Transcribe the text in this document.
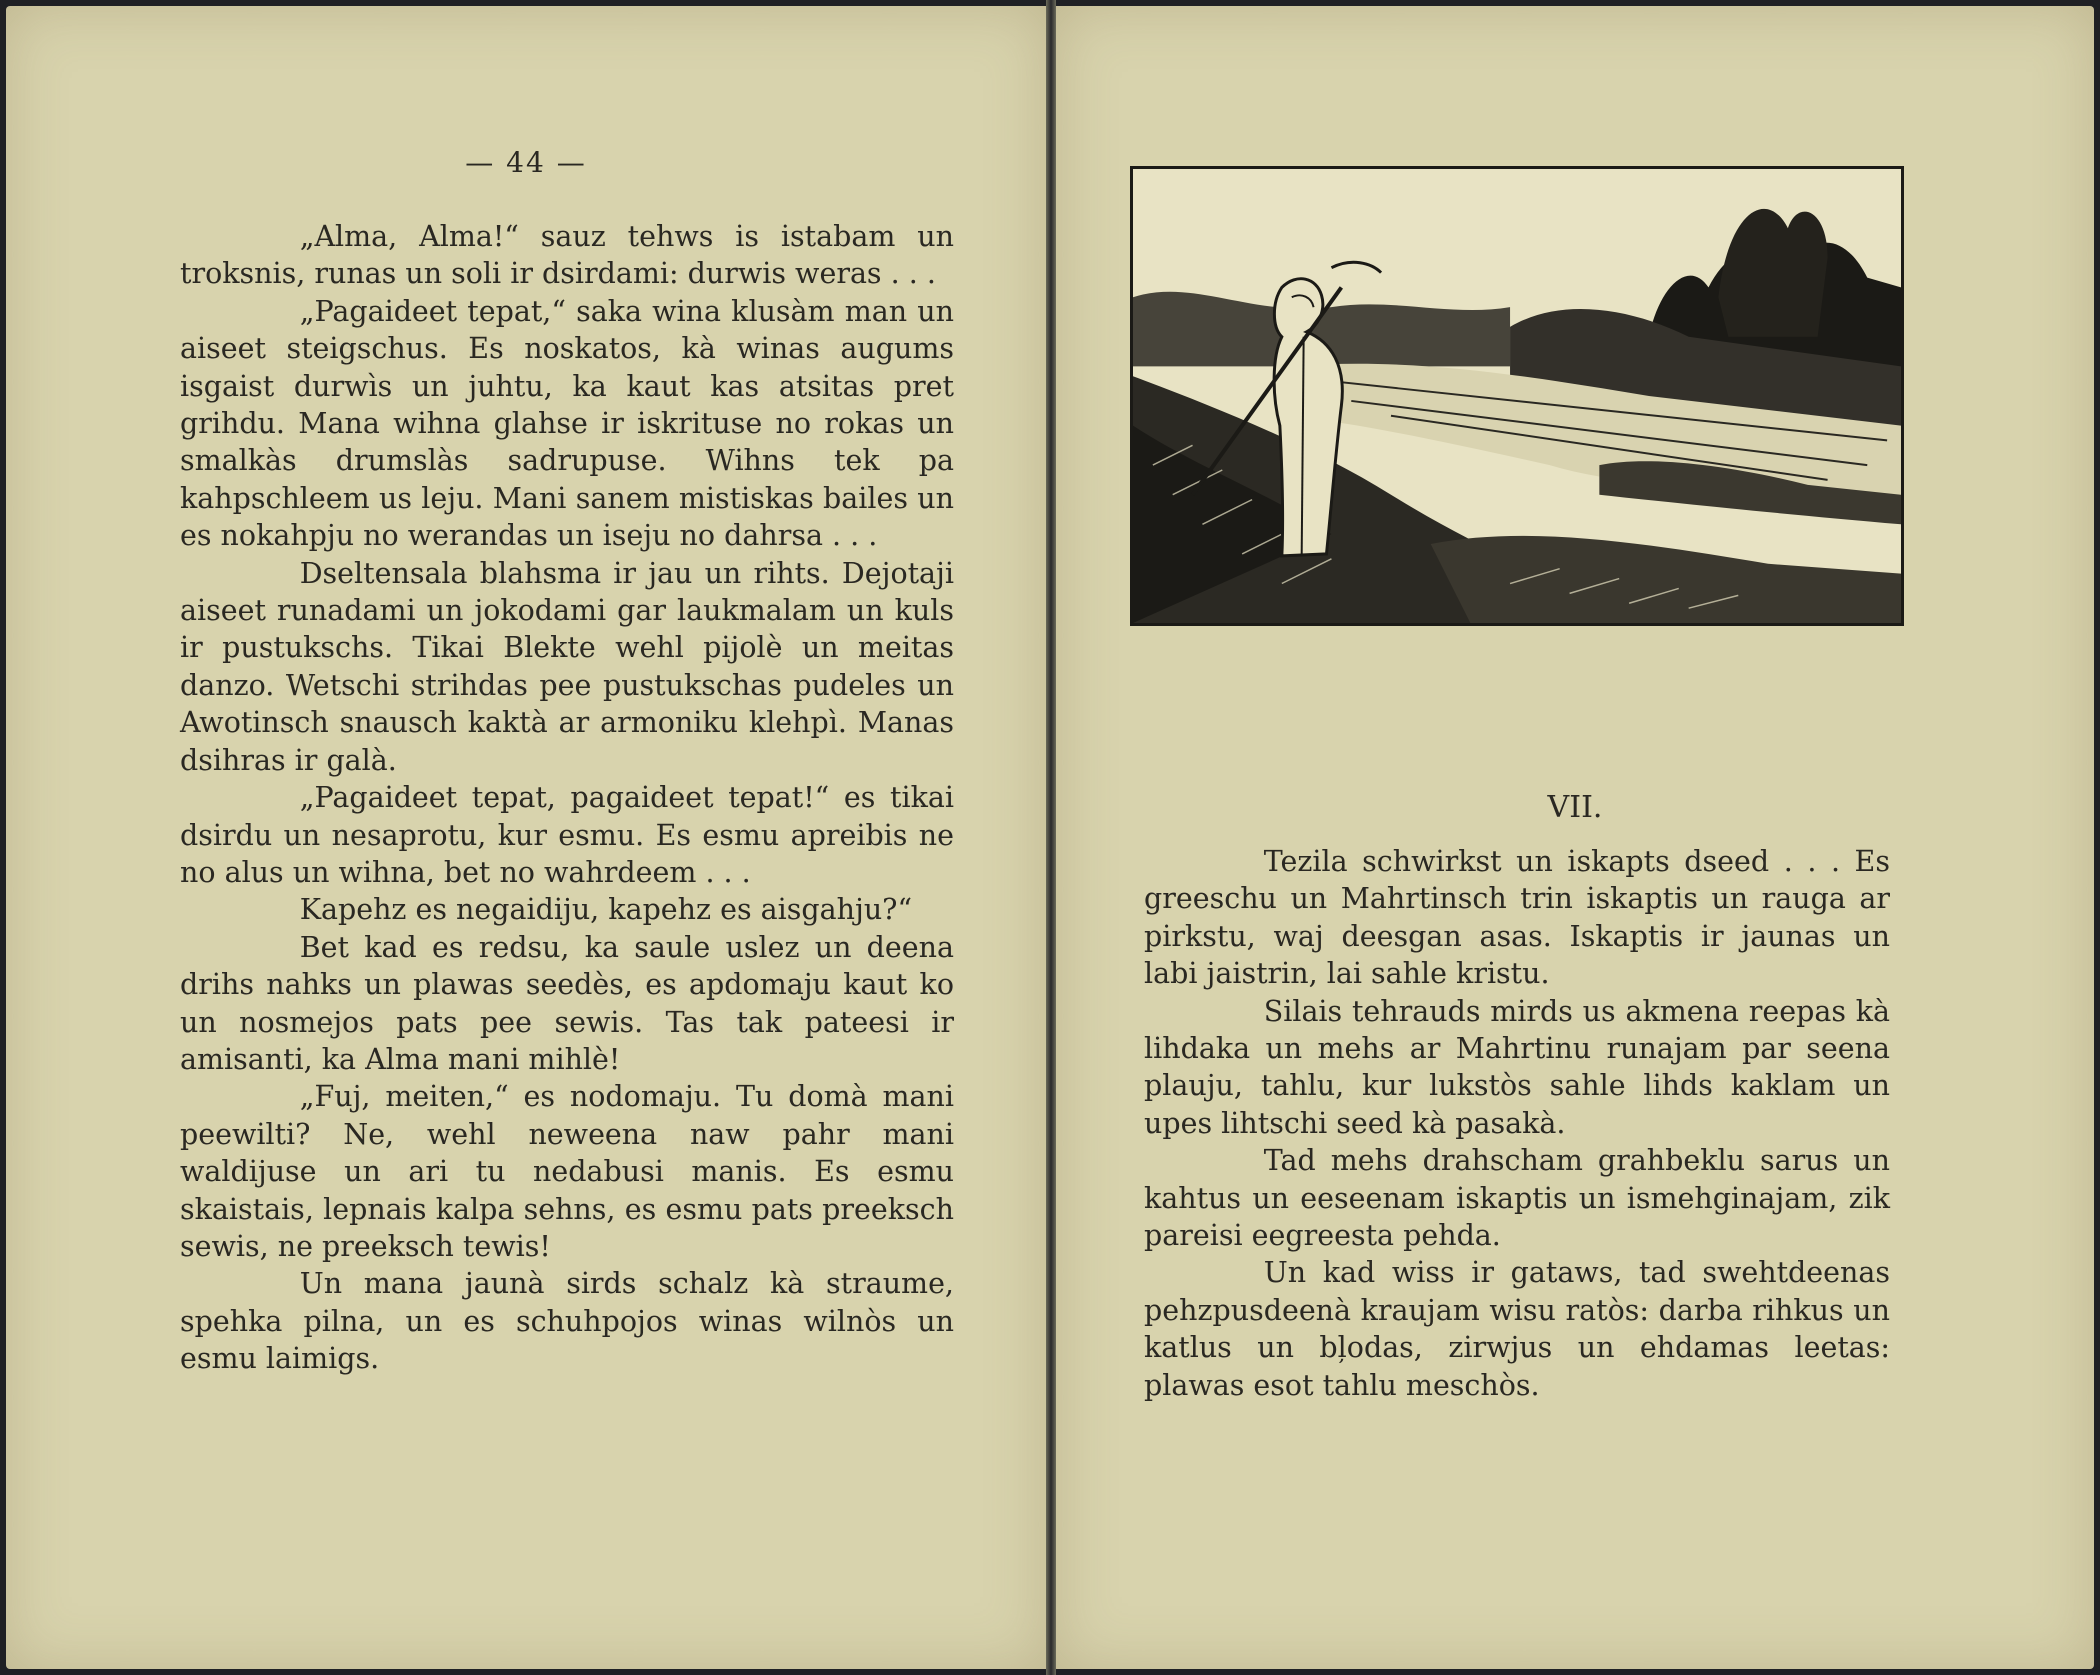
— 44 —

„Alma, Alma!“ sauz tehws is istabam un troksnis, runas un soli ir dsirdami: durwis weras . . .

„Pagaideet tepat,“ saka wina klusàm man un aiseet steigschus. Es noskatos, kà winas augums isgaist durwìs un juhtu, ka kaut kas atsitas pret grihdu. Mana wihna glahse ir iskrituse no rokas un smalkàs drumslàs sadrupuse. Wihns tek pa kahpschleem us leju. Mani sanem mistiskas bailes un es nokahpju no werandas un iseju no dahrsa . . .

Dseltensala blahsma ir jau un rihts. Dejotaji aiseet runadami un jokodami gar laukmalam un kuls ir pustukschs. Tikai Blekte wehl pijolè un meitas danzo. Wetschi strihdas pee pustukschas pudeles un Awotinsch snausch kaktà ar armoniku klehpì. Manas dsihras ir galà.

„Pagaideet tepat, pagaideet tepat!“ es tikai dsirdu un nesaprotu, kur esmu. Es esmu apreibis ne no alus un wihna, bet no wahrdeem . . .

Kapehz es negaidiju, kapehz es aisgahju?“

Bet kad es redsu, ka saule uslez un deena drihs nahks un plawas seedès, es apdomaju kaut ko un nosmejos pats pee sewis. Tas tak pateesi ir amisanti, ka Alma mani mihlè!

„Fuj, meiten,“ es nodomaju. Tu domà mani peewilti? Ne, wehl neweena naw pahr mani waldijuse un ari tu nedabusi manis. Es esmu skaistais, lepnais kalpa sehns, es esmu pats preeksch sewis, ne preeksch tewis!

Un mana jaunà sirds schalz kà straume, spehka pilna, un es schuhpojos winas wilnòs un esmu laimigs.

VII.

Tezila schwirkst un iskapts dseed . . . Es greeschu un Mahrtinsch trin iskaptis un rauga ar pirkstu, waj deesgan asas. Iskaptis ir jaunas un labi jaistrin, lai sahle kristu.

Silais tehrauds mirds us akmena reepas kà lihdaka un mehs ar Mahrtinu runajam par seena plauju, tahlu, kur lukstòs sahle lihds kaklam un upes lihtschi seed kà pasakà.

Tad mehs drahscham grahbeklu sarus un kahtus un eeseenam iskaptis un ismehginajam, zik pareisi eegreesta pehda.

Un kad wiss ir gataws, tad swehtdeenas pehzpusdeenà kraujam wisu ratòs: darba rihkus un katlus un bļodas, zirwjus un ehdamas leetas: plawas esot tahlu meschòs.
